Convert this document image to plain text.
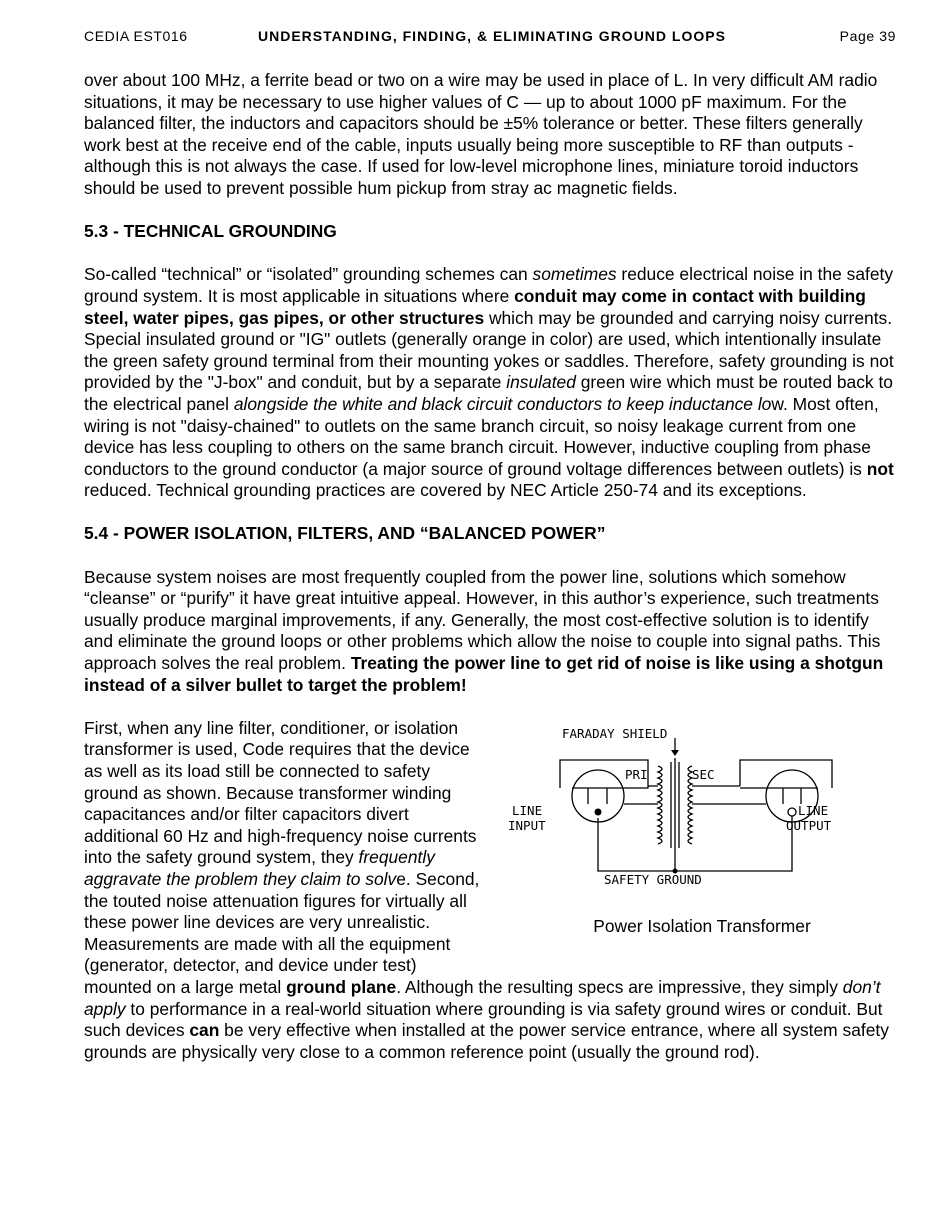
CEDIA EST016	UNDERSTANDING, FINDING, & ELIMINATING GROUND LOOPS	Page 39

over about 100 MHz, a ferrite bead or two on a wire may be used in place of L. In very difficult AM radio situations, it may be necessary to use higher values of C — up to about 1000 pF maximum. For the balanced filter, the inductors and capacitors should be ±5% tolerance or better. These filters generally work best at the receive end of the cable, inputs usually being more susceptible to RF than outputs - although this is not always the case. If used for low-level microphone lines, miniature toroid inductors should be used to prevent possible hum pickup from stray ac magnetic fields.

5.3 - TECHNICAL GROUNDING

So-called “technical” or “isolated” grounding schemes can sometimes reduce electrical noise in the safety ground system. It is most applicable in situations where conduit may come in contact with building steel, water pipes, gas pipes, or other structures which may be grounded and carrying noisy currents. Special insulated ground or "IG" outlets (generally orange in color) are used, which intentionally insulate the green safety ground terminal from their mounting yokes or saddles. Therefore, safety grounding is not provided by the "J-box" and conduit, but by a separate insulated green wire which must be routed back to the electrical panel alongside the white and black circuit conductors to keep inductance low. Most often, wiring is not "daisy-chained" to outlets on the same branch circuit, so noisy leakage current from one device has less coupling to others on the same branch circuit. However, inductive coupling from phase conductors to the ground conductor (a major source of ground voltage differences between outlets) is not reduced. Technical grounding practices are covered by NEC Article 250-74 and its exceptions.

5.4 - POWER ISOLATION, FILTERS, AND “BALANCED POWER”

Because system noises are most frequently coupled from the power line, solutions which somehow “cleanse” or “purify” it have great intuitive appeal. However, in this author’s experience, such treatments usually produce marginal improvements, if any. Generally, the most cost-effective solution is to identify and eliminate the ground loops or other problems which allow the noise to couple into signal paths. This approach solves the real problem. Treating the power line to get rid of noise is like using a shotgun instead of a silver bullet to target the problem!

FARADAY SHIELD
PRI	SEC
LINE
INPUT
LINE
OUTPUT
SAFETY GROUND
Power Isolation Transformer

First, when any line filter, conditioner, or isolation transformer is used, Code requires that the device as well as its load still be connected to safety ground as shown. Because transformer winding capacitances and/or filter capacitors divert additional 60 Hz and high-frequency noise currents into the safety ground system, they frequently aggravate the problem they claim to solve. Second, the touted noise attenuation figures for virtually all these power line devices are very unrealistic. Measurements are made with all the equipment (generator, detector, and device under test) mounted on a large metal ground plane. Although the resulting specs are impressive, they simply don’t apply to performance in a real-world situation where grounding is via safety ground wires or conduit. But such devices can be very effective when installed at the power service entrance, where all system safety grounds are physically very close to a common reference point (usually the ground rod).
